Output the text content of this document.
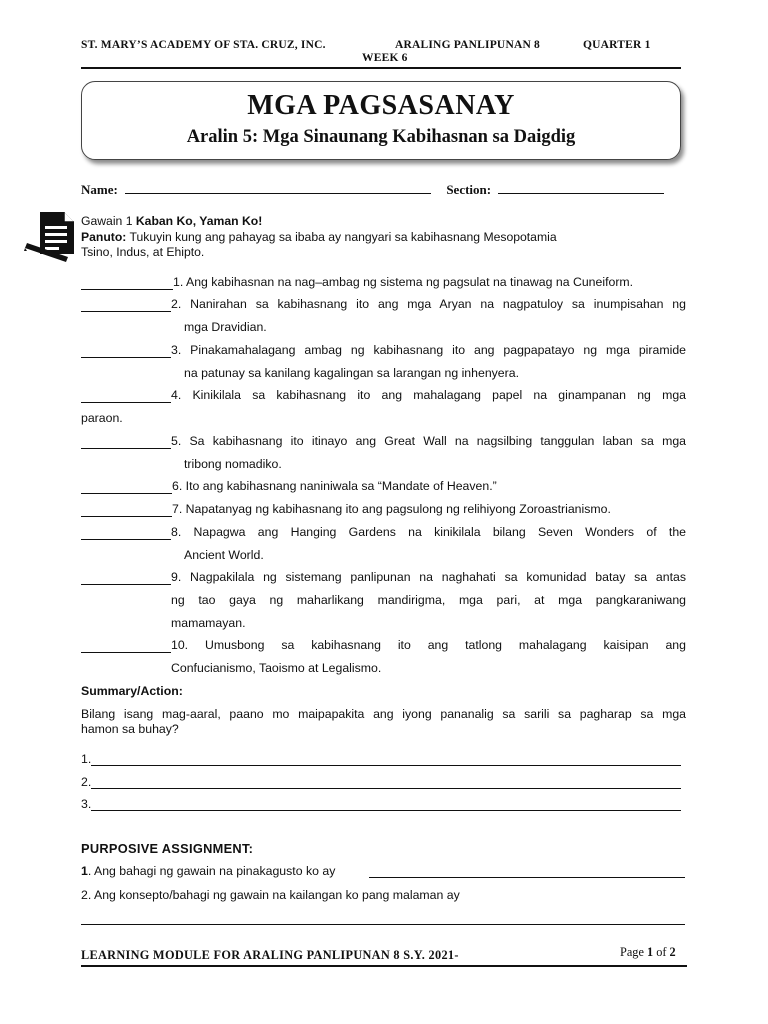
ST. MARY’S ACADEMY OF STA. CRUZ, INC.	ARALING PANLIPUNAN 8	QUARTER 1
WEEK 6
MGA PAGSASANAY
Aralin 5: Mga Sinaunang Kabihasnan sa Daigdig
Name:	Section:
Gawain 1 Kaban Ko, Yaman Ko!
Panuto: Tukuyin kung ang pahayag sa ibaba ay nangyari sa kabihasnang Mesopotamia
Tsino, Indus, at Ehipto.
1. Ang kabihasnan na nag–ambag ng sistema ng pagsulat na tinawag na Cuneiform.
2. Nanirahan sa kabihasnang ito ang mga Aryan na nagpatuloy sa inumpisahan ng
mga Dravidian.
3. Pinakamahalagang ambag ng kabihasnang ito ang pagpapatayo ng mga piramide
na patunay sa kanilang kagalingan sa larangan ng inhenyera.
4. Kinikilala sa kabihasnang ito ang mahalagang papel na ginampanan ng mga
paraon.
5. Sa kabihasnang ito itinayo ang Great Wall na nagsilbing tanggulan laban sa mga
tribong nomadiko.
6. Ito ang kabihasnang naniniwala sa “Mandate of Heaven.”
7. Napatanyag ng kabihasnang ito ang pagsulong ng relihiyong Zoroastrianismo.
8. Napagwa ang Hanging Gardens na kinikilala bilang Seven Wonders of the
Ancient World.
9. Nagpakilala ng sistemang panlipunan na naghahati sa komunidad batay sa antas
ng tao gaya ng maharlikang mandirigma, mga pari, at mga pangkaraniwang
mamamayan.
10. Umusbong sa kabihasnang ito ang tatlong mahalagang kaisipan ang
Confucianismo, Taoismo at Legalismo.
Summary/Action:
Bilang isang mag-aaral, paano mo maipapakita ang iyong pananalig sa sarili sa pagharap sa mga
hamon sa buhay?
1.
2.
3.
PURPOSIVE ASSIGNMENT:
1. Ang bahagi ng gawain na pinakagusto ko ay
2. Ang konsepto/bahagi ng gawain na kailangan ko pang malaman ay
LEARNING MODULE FOR ARALING PANLIPUNAN 8 S.Y. 2021-	Page 1 of 2
